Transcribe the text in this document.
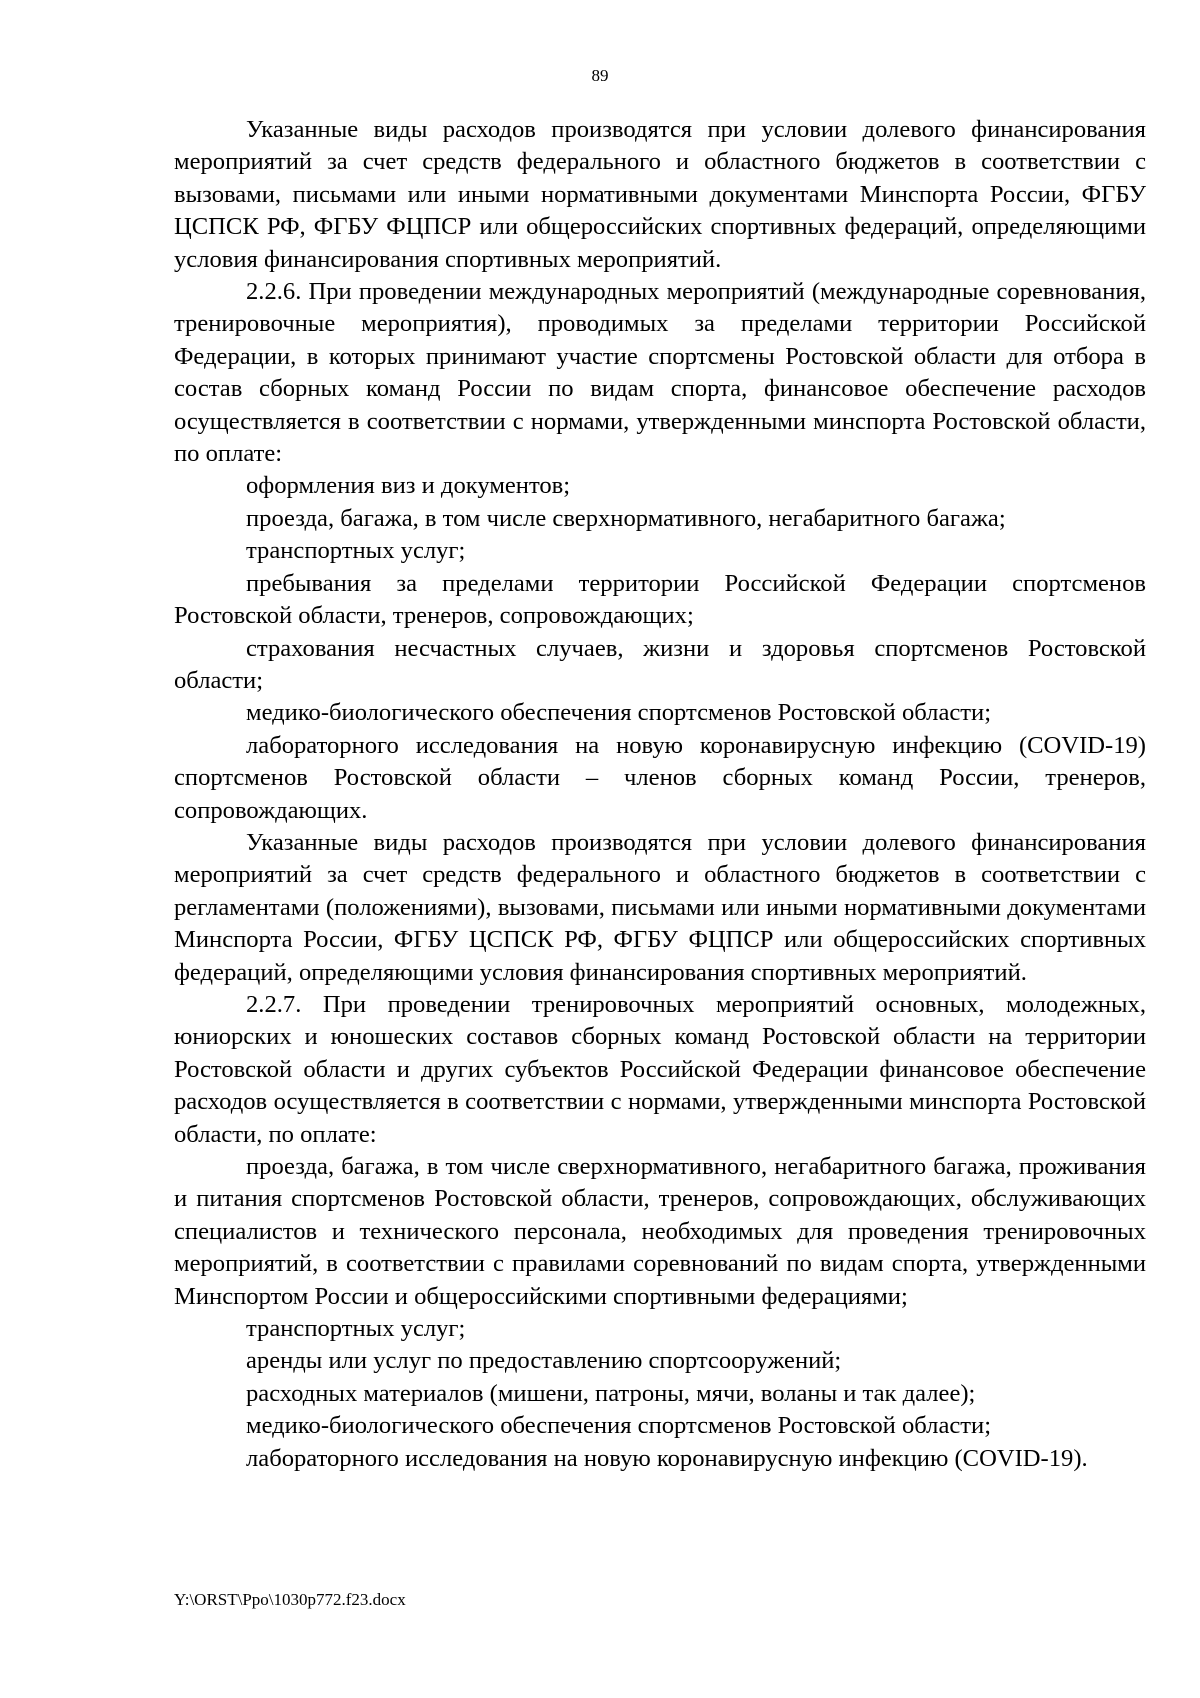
89

Указанные виды расходов производятся при условии долевого финансирования мероприятий за счет средств федерального и областного бюджетов в соответствии с вызовами, письмами или иными нормативными документами Минспорта России, ФГБУ ЦСПСК РФ, ФГБУ ФЦПСР или общероссийских спортивных федераций, определяющими условия финансирования спортивных мероприятий.

2.2.6. При проведении международных мероприятий (международные соревнования, тренировочные мероприятия), проводимых за пределами территории Российской Федерации, в которых принимают участие спортсмены Ростовской области для отбора в состав сборных команд России по видам спорта, финансовое обеспечение расходов осуществляется в соответствии с нормами, утвержденными минспорта Ростовской области, по оплате:

оформления виз и документов;

проезда, багажа, в том числе сверхнормативного, негабаритного багажа;

транспортных услуг;

пребывания за пределами территории Российской Федерации спортсменов Ростовской области, тренеров, сопровождающих;

страхования несчастных случаев, жизни и здоровья спортсменов Ростовской области;

медико-биологического обеспечения спортсменов Ростовской области;

лабораторного исследования на новую коронавирусную инфекцию (COVID-19) спортсменов Ростовской области – членов сборных команд России, тренеров, сопровождающих.

Указанные виды расходов производятся при условии долевого финансирования мероприятий за счет средств федерального и областного бюджетов в соответствии с регламентами (положениями), вызовами, письмами или иными нормативными документами Минспорта России, ФГБУ ЦСПСК РФ, ФГБУ ФЦПСР или общероссийских спортивных федераций, определяющими условия финансирования спортивных мероприятий.

2.2.7. При проведении тренировочных мероприятий основных, молодежных, юниорских и юношеских составов сборных команд Ростовской области на территории Ростовской области и других субъектов Российской Федерации финансовое обеспечение расходов осуществляется в соответствии с нормами, утвержденными минспорта Ростовской области, по оплате:

проезда, багажа, в том числе сверхнормативного, негабаритного багажа, проживания и питания спортсменов Ростовской области, тренеров, сопровождающих, обслуживающих специалистов и технического персонала, необходимых для проведения тренировочных мероприятий, в соответствии с правилами соревнований по видам спорта, утвержденными Минспортом России и общероссийскими спортивными федерациями;

транспортных услуг;

аренды или услуг по предоставлению спортсооружений;

расходных материалов (мишени, патроны, мячи, воланы и так далее);

медико-биологического обеспечения спортсменов Ростовской области;

лабораторного исследования на новую коронавирусную инфекцию (COVID-19).

Y:\ORST\Ppo\1030p772.f23.docx
